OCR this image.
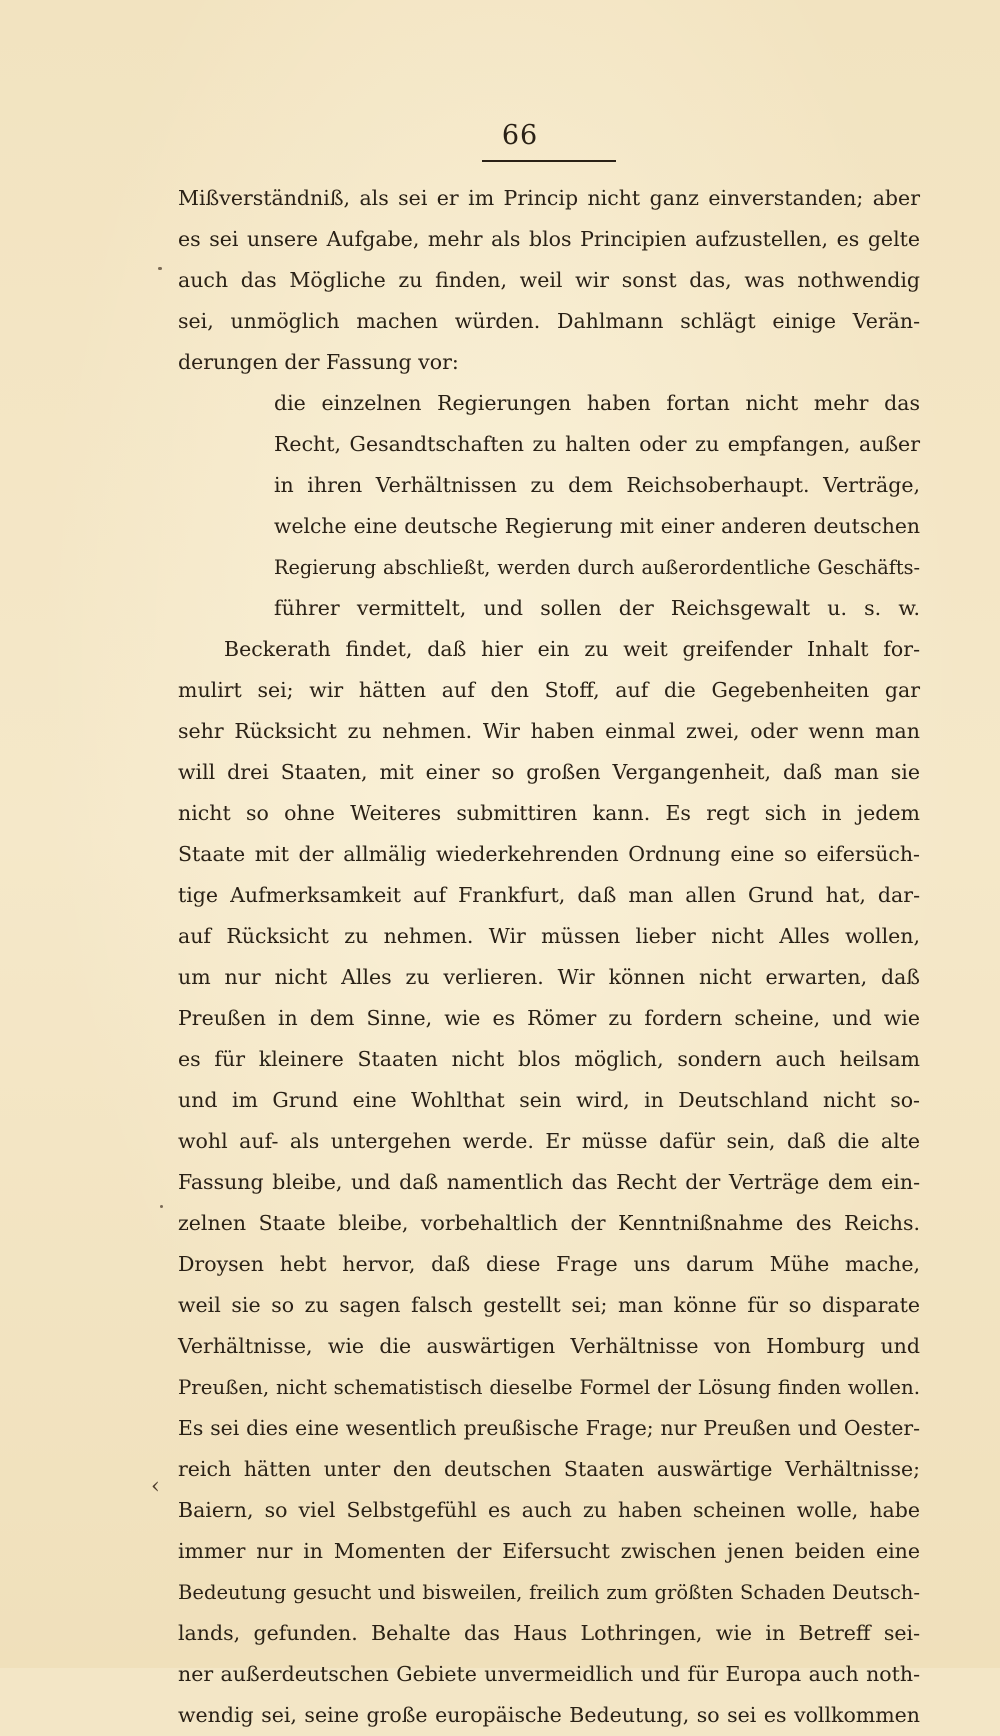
66
‹
Mißverständniß, als sei er im Princip nicht ganz einverstanden; aber
es sei unsere Aufgabe, mehr als blos Principien aufzustellen, es gelte
auch das Mögliche zu finden, weil wir sonst das, was nothwendig
sei, unmöglich machen würden. Dahlmann schlägt einige Verän-
derungen der Fassung vor:
die einzelnen Regierungen haben fortan nicht mehr das
Recht, Gesandtschaften zu halten oder zu empfangen, außer
in ihren Verhältnissen zu dem Reichsoberhaupt. Verträge,
welche eine deutsche Regierung mit einer anderen deutschen
Regierung abschließt, werden durch außerordentliche Geschäfts-
führer vermittelt, und sollen der Reichsgewalt u. s. w.
Beckerath findet, daß hier ein zu weit greifender Inhalt for-
mulirt sei; wir hätten auf den Stoff, auf die Gegebenheiten gar
sehr Rücksicht zu nehmen. Wir haben einmal zwei, oder wenn man
will drei Staaten, mit einer so großen Vergangenheit, daß man sie
nicht so ohne Weiteres submittiren kann. Es regt sich in jedem
Staate mit der allmälig wiederkehrenden Ordnung eine so eifersüch-
tige Aufmerksamkeit auf Frankfurt, daß man allen Grund hat, dar-
auf Rücksicht zu nehmen. Wir müssen lieber nicht Alles wollen,
um nur nicht Alles zu verlieren. Wir können nicht erwarten, daß
Preußen in dem Sinne, wie es Römer zu fordern scheine, und wie
es für kleinere Staaten nicht blos möglich, sondern auch heilsam
und im Grund eine Wohlthat sein wird, in Deutschland nicht so-
wohl auf- als untergehen werde. Er müsse dafür sein, daß die alte
Fassung bleibe, und daß namentlich das Recht der Verträge dem ein-
zelnen Staate bleibe, vorbehaltlich der Kenntnißnahme des Reichs.
Droysen hebt hervor, daß diese Frage uns darum Mühe mache,
weil sie so zu sagen falsch gestellt sei; man könne für so disparate
Verhältnisse, wie die auswärtigen Verhältnisse von Homburg und
Preußen, nicht schematistisch dieselbe Formel der Lösung finden wollen.
Es sei dies eine wesentlich preußische Frage; nur Preußen und Oester-
reich hätten unter den deutschen Staaten auswärtige Verhältnisse;
Baiern, so viel Selbstgefühl es auch zu haben scheinen wolle, habe
immer nur in Momenten der Eifersucht zwischen jenen beiden eine
Bedeutung gesucht und bisweilen, freilich zum größten Schaden Deutsch-
lands, gefunden. Behalte das Haus Lothringen, wie in Betreff sei-
ner außerdeutschen Gebiete unvermeidlich und für Europa auch noth-
wendig sei, seine große europäische Bedeutung, so sei es vollkommen
